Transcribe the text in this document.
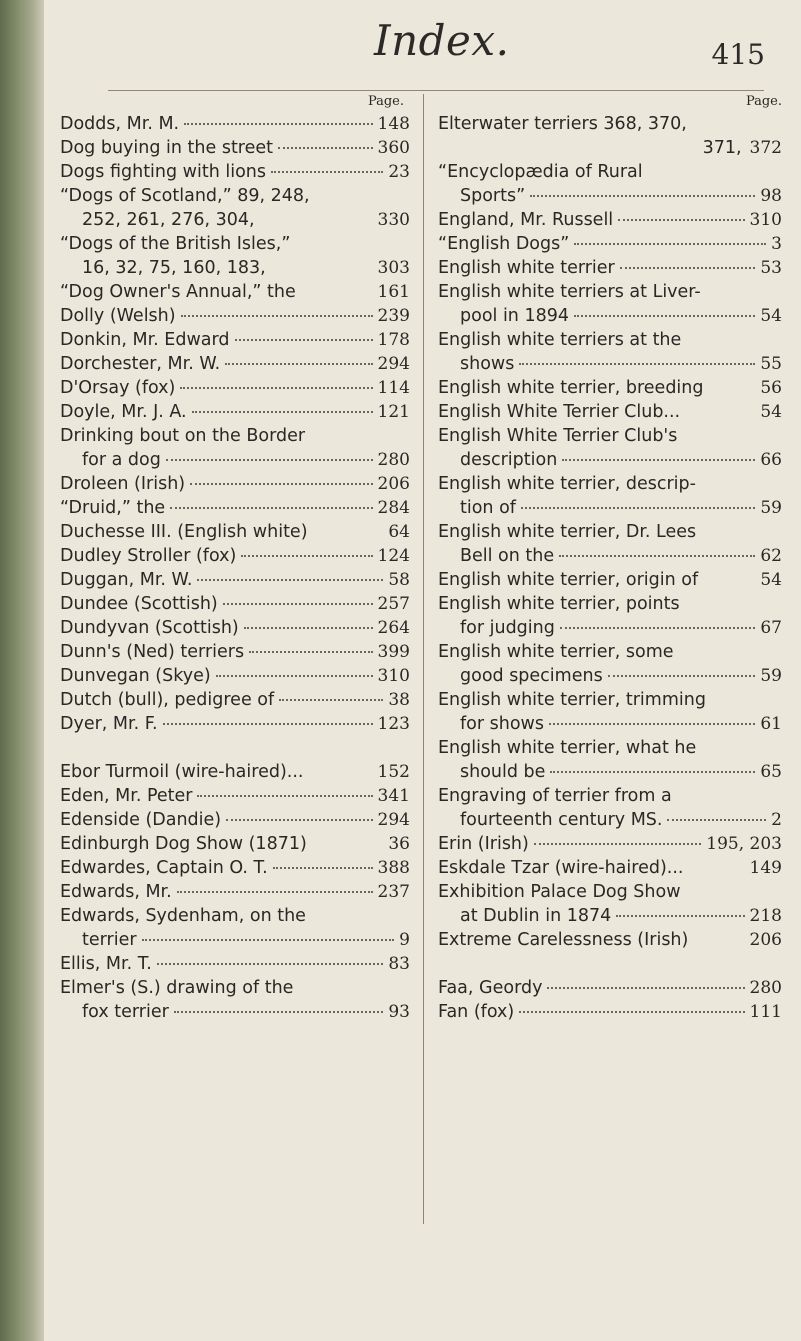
Index.	415
Page.
Dodds, Mr. M.	148
Dog buying in the street	360
Dogs fighting with lions	23
“Dogs of Scotland,” 89, 248,
252, 261, 276, 304,	330
“Dogs of the British Isles,”
16, 32, 75, 160, 183,	303
“Dog Owner's Annual,” the	161
Dolly (Welsh)	239
Donkin, Mr. Edward	178
Dorchester, Mr. W.	294
D'Orsay (fox)	114
Doyle, Mr. J. A.	121
Drinking bout on the Border
for a dog	280
Droleen (Irish)	206
“Druid,” the	284
Duchesse III. (English white)	64
Dudley Stroller (fox)	124
Duggan, Mr. W.	58
Dundee (Scottish)	257
Dundyvan (Scottish)	264
Dunn's (Ned) terriers	399
Dunvegan (Skye)	310
Dutch (bull), pedigree of	38
Dyer, Mr. F.	123
Ebor Turmoil (wire-haired)...	152
Eden, Mr. Peter	341
Edenside (Dandie)	294
Edinburgh Dog Show (1871)	36
Edwardes, Captain O. T.	388
Edwards, Mr.	237
Edwards, Sydenham, on the
terrier	9
Ellis, Mr. T.	83
Elmer's (S.) drawing of the
fox terrier	93
Page.
Elterwater terriers 368, 370,
371, 372
“Encyclopædia of Rural
Sports”	98
England, Mr. Russell	310
“English Dogs”	3
English white terrier	53
English white terriers at Liver-
pool in 1894	54
English white terriers at the
shows	55
English white terrier, breeding	56
English White Terrier Club...	54
English White Terrier Club's
description	66
English white terrier, descrip-
tion of	59
English white terrier, Dr. Lees
Bell on the	62
English white terrier, origin of	54
English white terrier, points
for judging	67
English white terrier, some
good specimens	59
English white terrier, trimming
for shows	61
English white terrier, what he
should be	65
Engraving of terrier from a
fourteenth century MS.	2
Erin (Irish)	195, 203
Eskdale Tzar (wire-haired)...	149
Exhibition Palace Dog Show
at Dublin in 1874	218
Extreme Carelessness (Irish)	206
Faa, Geordy	280
Fan (fox)	111
